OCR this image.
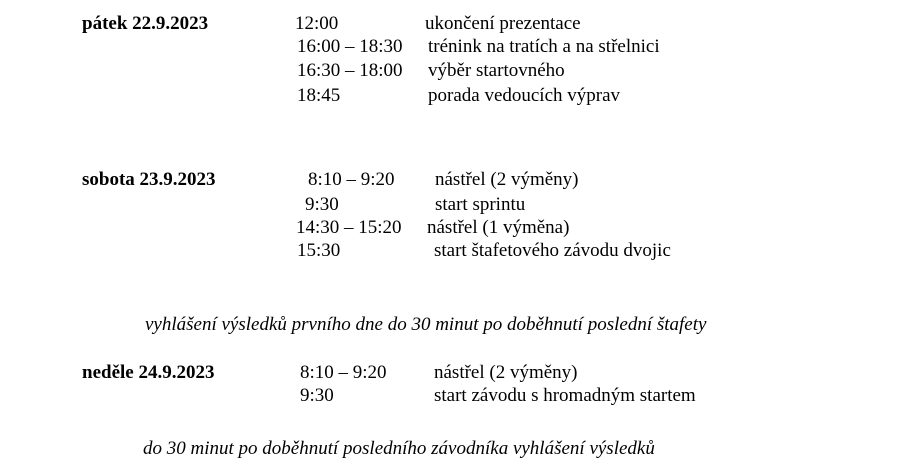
pátek 22.9.2023	12:00	ukončení prezentace
16:00 – 18:30 trénink na tratích a na střelnici
16:30 – 18:00 výběr startovného
18:45	porada vedoucích výprav
sobota 23.9.2023	8:10 – 9:20 nástřel (2 výměny)
9:30	start sprintu
14:30 – 15:20 nástřel (1 výměna)
15:30	start štafetového závodu dvojic
vyhlášení výsledků prvního dne do 30 minut po doběhnutí poslední štafety
neděle 24.9.2023	8:10 – 9:20 nástřel (2 výměny)
9:30	start závodu s hromadným startem
do 30 minut po doběhnutí posledního závodníka vyhlášení výsledků
